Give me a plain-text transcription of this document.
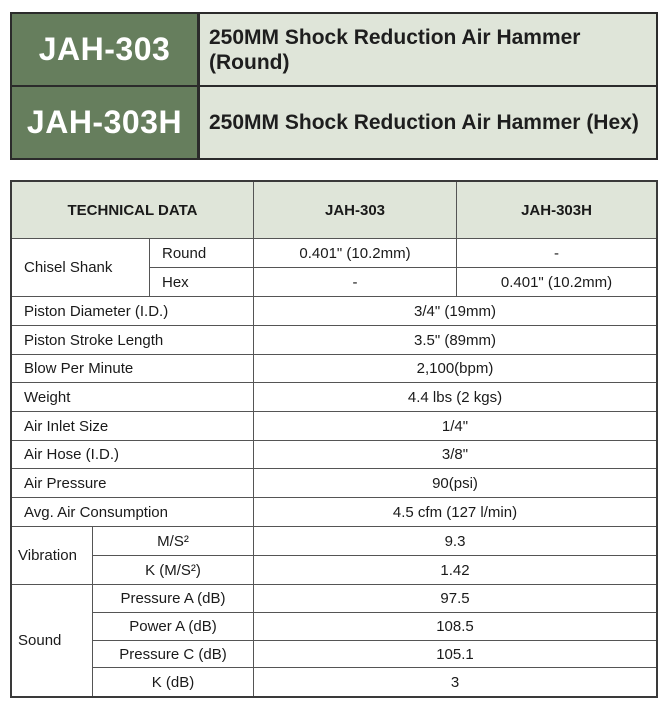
JAH-303	250MM Shock Reduction Air Hammer (Round)
JAH-303H	250MM Shock Reduction Air Hammer (Hex)
TECHNICAL DATA	JAH-303	JAH-303H
Chisel Shank
Round	0.401" (10.2mm)	-
Hex	-	0.401" (10.2mm)
Piston Diameter (I.D.)	3/4" (19mm)
Piston Stroke Length	3.5" (89mm)
Blow Per Minute	2,100(bpm)
Weight	4.4 lbs (2 kgs)
Air Inlet Size	1/4"
Air Hose (I.D.)	3/8"
Air Pressure	90(psi)
Avg. Air Consumption	4.5 cfm (127 l/min)
Vibration
M/S²	9.3
K (M/S²)	1.42
Sound
Pressure A (dB)	97.5
Power A (dB)	108.5
Pressure C (dB)	105.1
K (dB)	3
